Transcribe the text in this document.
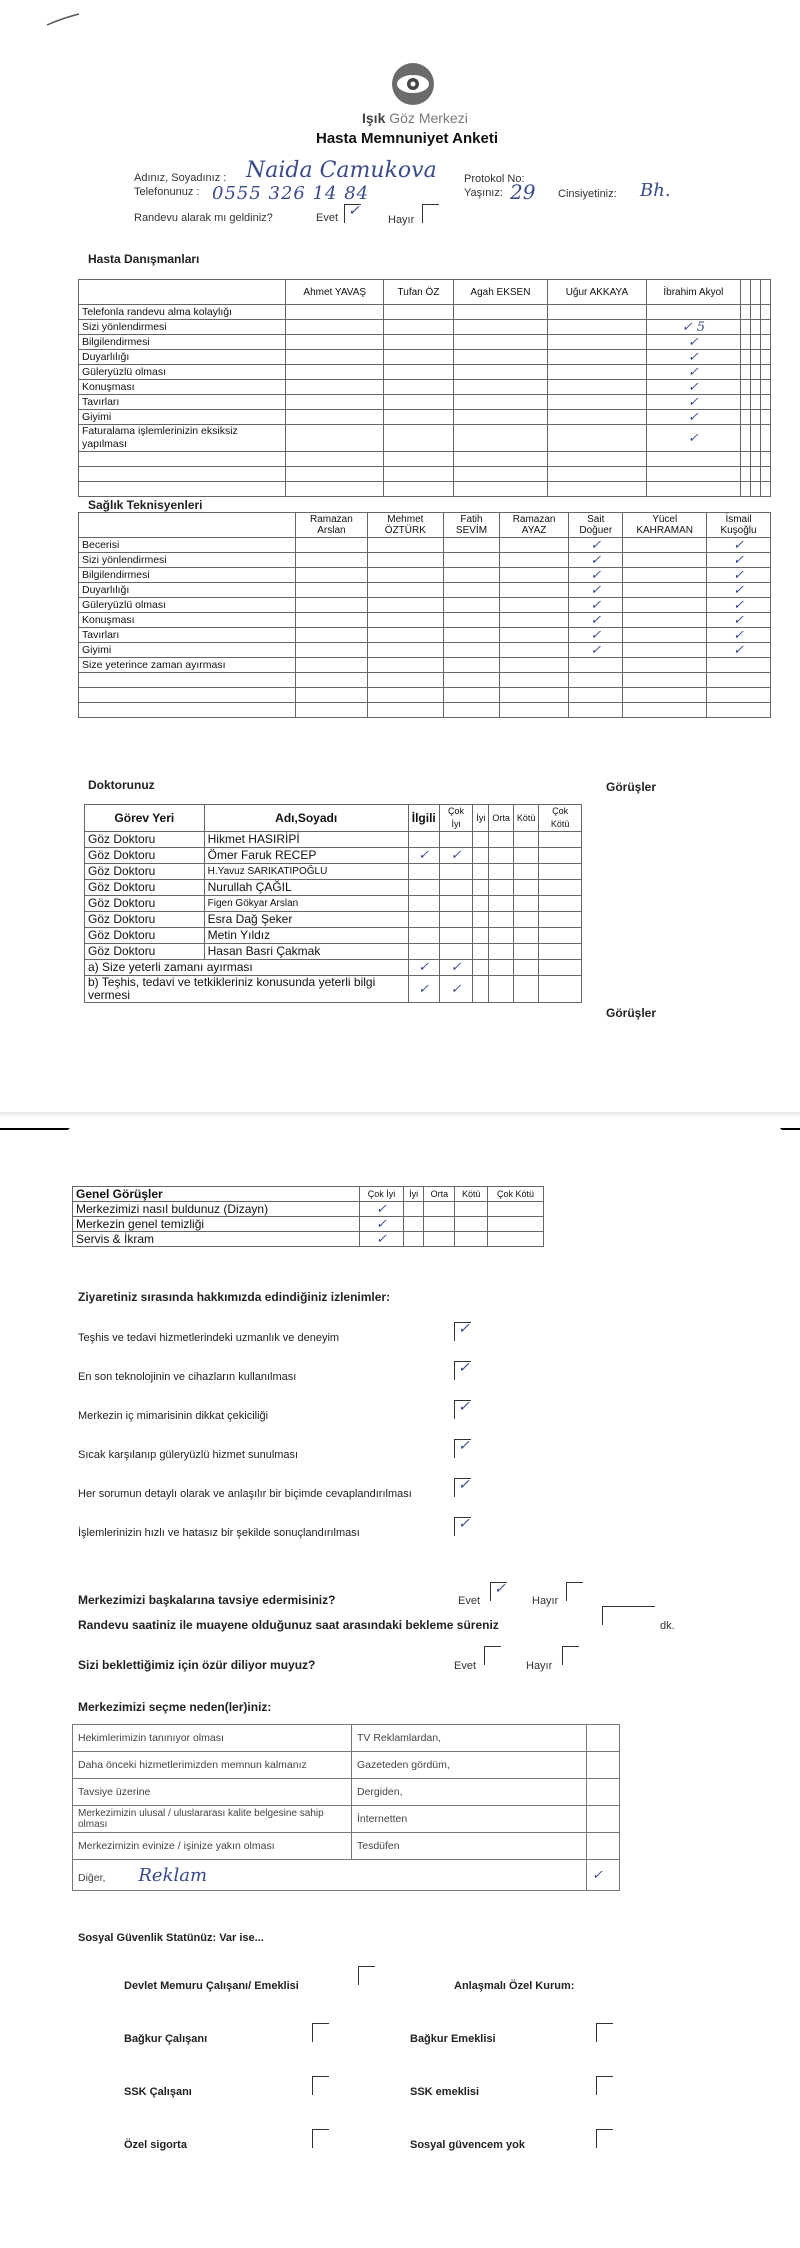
Işık Göz Merkezi
Hasta Memnuniyet Anketi
Adınız, Soyadınız : Naida Camukova
Telefonunuz : 0555 326 14 84
Protokol No:
Yaşınız: 29 Cinsiyetiniz: Bh.
Randevu alarak mı geldiniz?	Evet ✓
Hayır
Hasta Danışmanları
	Ahmet YAVAŞ	Tufan ÖZ	Agah EKSEN	Uğur AKKAYA	İbrahim Akyol			
Telefonla randevu alma kolaylığı								
Sizi yönlendirmesi					✓ 5			
Bilgilendirmesi					✓			
Duyarlılığı					✓			
Güleryüzlü olması					✓			
Konuşması					✓			
Tavırları					✓			
Giyimi					✓			
Faturalama işlemlerinizin eksiksiz yapılması					✓			

Sağlık Teknisyenleri
	Ramazan Arslan	Mehmet ÖZTÜRK	Fatih SEVİM	Ramazan AYAZ	Sait Doğuer	Yücel KAHRAMAN	İsmail Kuşoğlu
Becerisi					✓		✓
Sizi yönlendirmesi					✓		✓
Bilgilendirmesi					✓		✓
Duyarlılığı					✓		✓
Güleryüzlü olması					✓		✓
Konuşması					✓		✓
Tavırları					✓		✓
Giyimi					✓		✓
Size yeterince zaman ayırması							

Doktorunuz	Görüşler
Görev Yeri	Adı,Soyadı	İlgili	Çok İyi	İyi	Orta	Kötü	Çok Kötü
Göz Doktoru	Hikmet HASIRİPİ						
Göz Doktoru	Ömer Faruk RECEP	✓	✓				
Göz Doktoru	H.Yavuz SARIKATIPOĞLU						
Göz Doktoru	Nurullah ÇAĞIL						
Göz Doktoru	Figen Gökyar Arslan						
Göz Doktoru	Esra Dağ Şeker						
Göz Doktoru	Metin Yıldız						
Göz Doktoru	Hasan Basri Çakmak						
a) Size yeterli zamanı ayırması		✓	✓				
b) Teşhis, tedavi ve tetkikleriniz konusunda yeterli bilgi vermesi		✓	✓				
Görüşler
Genel Görüşler	Çok İyi	İyi	Orta	Kötü	Çok Kötü
Merkezimizi nasıl buldunuz (Dizayn)	✓				
Merkezin genel temizliği	✓				
Servis & İkram	✓				
Ziyaretiniz sırasında hakkımızda edindiğiniz izlenimler:
Teşhis ve tedavi hizmetlerindeki uzmanlık ve deneyim
✓
En son teknolojinin ve cihazların kullanılması
✓
Merkezin iç mimarisinin dikkat çekiciliği
✓
Sıcak karşılanıp güleryüzlü hizmet sunulması
✓
Her sorumun detaylı olarak ve anlaşılır bir biçimde cevaplandırılması
✓
İşlemlerinizin hızlı ve hatasız bir şekilde sonuçlandırılması
✓
Merkezimizi başkalarına tavsiye edermisiniz?	Evet
✓
Hayır
Randevu saatiniz ile muayene olduğunuz saat arasındaki bekleme süreniz	dk.
Sizi beklettiğimiz için özür diliyor muyuz?	Evet	Hayır
Merkezimizi seçme neden(ler)iniz:
Hekimlerimizin tanınıyor olması	TV Reklamlardan,	
Daha önceki hizmetlerimizden memnun kalmanız	Gazeteden gördüm,	
Tavsiye üzerine	Dergiden,	
Merkezimizin ulusal / uluslararası kalite belgesine sahip olması	İnternetten	
Merkezimizin evinize / işinize yakın olması	Tesdüfen	
Diğer, Reklam		✓
Sosyal Güvenlik Statünüz: Var ise...
Devlet Memuru Çalışanı/ Emeklisi	Anlaşmalı Özel Kurum:
Bağkur Çalışanı	Bağkur Emeklisi
SSK Çalışanı	SSK emeklisi
Özel sigorta	Sosyal güvencem yok
